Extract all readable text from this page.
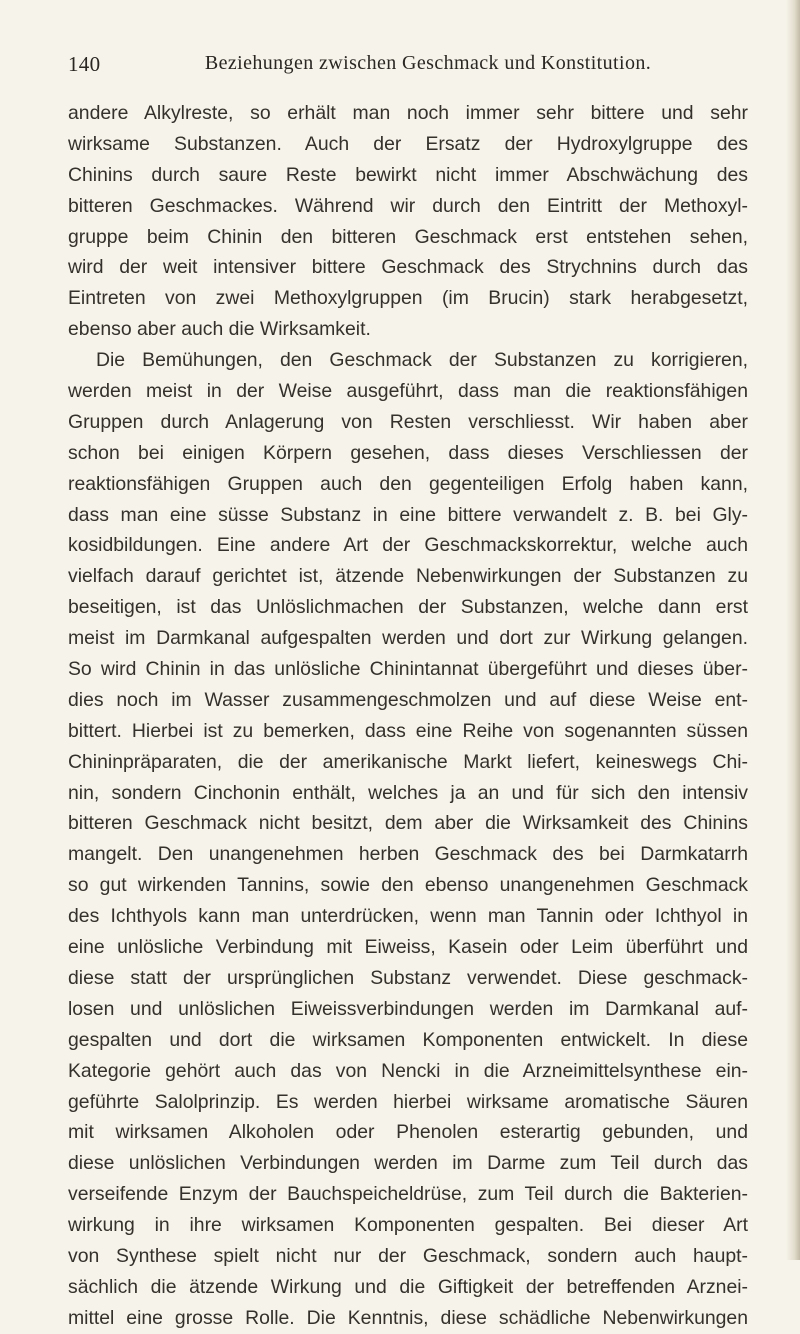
140	Beziehungen zwischen Geschmack und Konstitution.
andere Alkylreste, so erhält man noch immer sehr bittere und sehr
wirksame Substanzen. Auch der Ersatz der Hydroxylgruppe des
Chinins durch saure Reste bewirkt nicht immer Abschwächung des
bitteren Geschmackes. Während wir durch den Eintritt der Methoxyl-
gruppe beim Chinin den bitteren Geschmack erst entstehen sehen,
wird der weit intensiver bittere Geschmack des Strychnins durch das
Eintreten von zwei Methoxylgruppen (im Brucin) stark herabgesetzt,
ebenso aber auch die Wirksamkeit.
Die Bemühungen, den Geschmack der Substanzen zu korrigieren,
werden meist in der Weise ausgeführt, dass man die reaktionsfähigen
Gruppen durch Anlagerung von Resten verschliesst. Wir haben aber
schon bei einigen Körpern gesehen, dass dieses Verschliessen der
reaktionsfähigen Gruppen auch den gegenteiligen Erfolg haben kann,
dass man eine süsse Substanz in eine bittere verwandelt z. B. bei Gly-
kosidbildungen. Eine andere Art der Geschmackskorrektur, welche auch
vielfach darauf gerichtet ist, ätzende Nebenwirkungen der Substanzen zu
beseitigen, ist das Unlöslichmachen der Substanzen, welche dann erst
meist im Darmkanal aufgespalten werden und dort zur Wirkung gelangen.
So wird Chinin in das unlösliche Chinintannat übergeführt und dieses über-
dies noch im Wasser zusammengeschmolzen und auf diese Weise ent-
bittert. Hierbei ist zu bemerken, dass eine Reihe von sogenannten süssen
Chininpräparaten, die der amerikanische Markt liefert, keineswegs Chi-
nin, sondern Cinchonin enthält, welches ja an und für sich den intensiv
bitteren Geschmack nicht besitzt, dem aber die Wirksamkeit des Chinins
mangelt. Den unangenehmen herben Geschmack des bei Darmkatarrh
so gut wirkenden Tannins, sowie den ebenso unangenehmen Geschmack
des Ichthyols kann man unterdrücken, wenn man Tannin oder Ichthyol in
eine unlösliche Verbindung mit Eiweiss, Kasein oder Leim überführt und
diese statt der ursprünglichen Substanz verwendet. Diese geschmack-
losen und unlöslichen Eiweissverbindungen werden im Darmkanal auf-
gespalten und dort die wirksamen Komponenten entwickelt. In diese
Kategorie gehört auch das von Nencki in die Arzneimittelsynthese ein-
geführte Salolprinzip. Es werden hierbei wirksame aromatische Säuren
mit wirksamen Alkoholen oder Phenolen esterartig gebunden, und
diese unlöslichen Verbindungen werden im Darme zum Teil durch das
verseifende Enzym der Bauchspeicheldrüse, zum Teil durch die Bakterien-
wirkung in ihre wirksamen Komponenten gespalten. Bei dieser Art
von Synthese spielt nicht nur der Geschmack, sondern auch haupt-
sächlich die ätzende Wirkung und die Giftigkeit der betreffenden Arznei-
mittel eine grosse Rolle. Die Kenntnis, diese schädliche Nebenwirkungen
